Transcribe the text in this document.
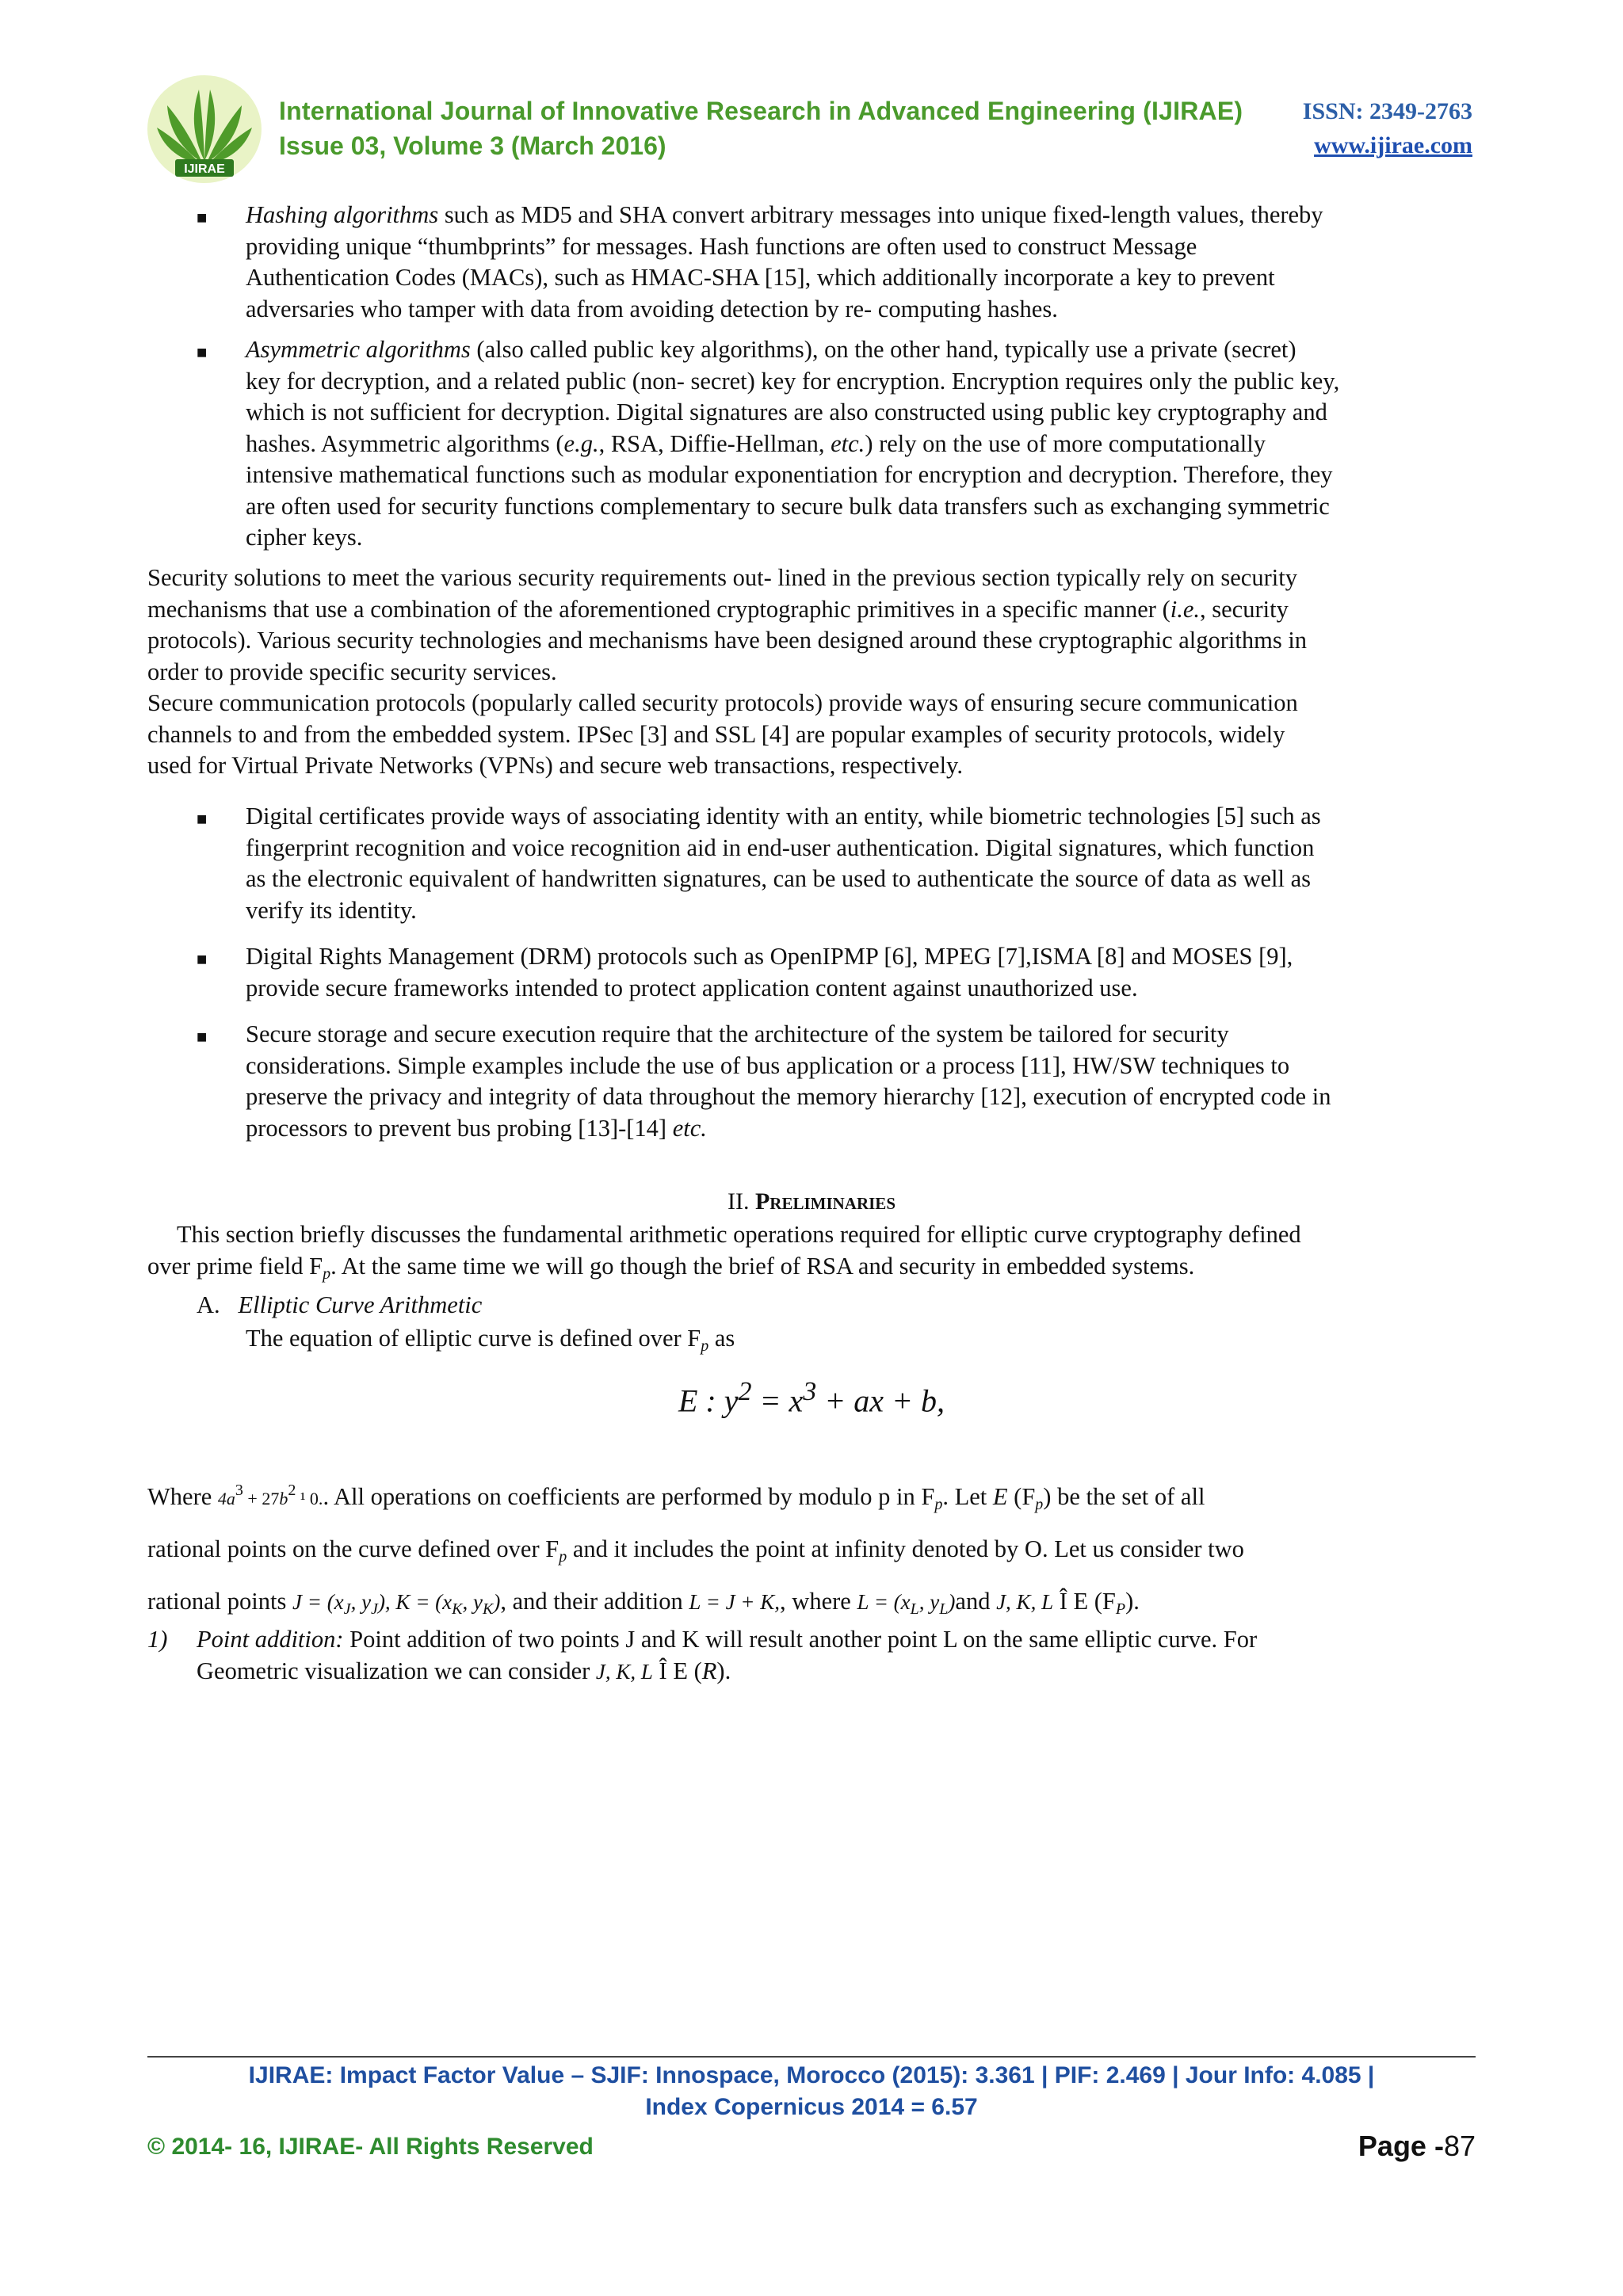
IJIRAE
International Journal of Innovative Research in Advanced Engineering (IJIRAE)
Issue 03, Volume 3 (March 2016)
ISSN: 2349-2763
www.ijirae.com
■ Hashing algorithms such as MD5 and SHA convert arbitrary messages into unique fixed-length values, thereby
providing unique “thumbprints” for messages. Hash functions are often used to construct Message
Authentication Codes (MACs), such as HMAC-SHA [15], which additionally incorporate a key to prevent
adversaries who tamper with data from avoiding detection by re- computing hashes.
■ Asymmetric algorithms (also called public key algorithms), on the other hand, typically use a private (secret)
key for decryption, and a related public (non- secret) key for encryption. Encryption requires only the public key,
which is not sufficient for decryption. Digital signatures are also constructed using public key cryptography and
hashes. Asymmetric algorithms (e.g., RSA, Diffie-Hellman, etc.) rely on the use of more computationally
intensive mathematical functions such as modular exponentiation for encryption and decryption. Therefore, they
are often used for security functions complementary to secure bulk data transfers such as exchanging symmetric
cipher keys.
Security solutions to meet the various security requirements out- lined in the previous section typically rely on security
mechanisms that use a combination of the aforementioned cryptographic primitives in a specific manner (i.e., security
protocols). Various security technologies and mechanisms have been designed around these cryptographic algorithms in
order to provide specific security services.
Secure communication protocols (popularly called security protocols) provide ways of ensuring secure communication
channels to and from the embedded system. IPSec [3] and SSL [4] are popular examples of security protocols, widely
used for Virtual Private Networks (VPNs) and secure web transactions, respectively.
■ Digital certificates provide ways of associating identity with an entity, while biometric technologies [5] such as
fingerprint recognition and voice recognition aid in end-user authentication. Digital signatures, which function
as the electronic equivalent of handwritten signatures, can be used to authenticate the source of data as well as
verify its identity.
■ Digital Rights Management (DRM) protocols such as OpenIPMP [6], MPEG [7],ISMA [8] and MOSES [9],
provide secure frameworks intended to protect application content against unauthorized use.
■ Secure storage and secure execution require that the architecture of the system be tailored for security
considerations. Simple examples include the use of bus application or a process [11], HW/SW techniques to
preserve the privacy and integrity of data throughout the memory hierarchy [12], execution of encrypted code in
processors to prevent bus probing [13]-[14] etc.
II. Preliminaries
This section briefly discusses the fundamental arithmetic operations required for elliptic curve cryptography defined
over prime field $F_p$. At the same time we will go though the brief of RSA and security in embedded systems.
A. Elliptic Curve Arithmetic
The equation of elliptic curve is defined over $F_p$ as
E : $y^2 = x^3$ + ax + b,
Where $4a^3 + 27b^2$ ¹ 0.. All operations on coefficients are performed by modulo p in $F_p$. Let E $(F_p)$ be the set of all
rational points on the curve defined over $F_p$ and it includes the point at infinity denoted by O. Let us consider two
rational points $J = (x_J$, $y_J$), $K = (x_K$, $y_K$), and their addition L = J + K,, where $L = (x_L$, $y_L)and$ J, K, L Î E $(F_P)$.
1) Point addition: Point addition of two points J and K will result another point L on the same elliptic curve. For
Geometric visualization we can consider J, K, L Î E (R).
IJIRAE: Impact Factor Value – SJIF: Innospace, Morocco (2015): 3.361 | PIF: 2.469 | Jour Info: 4.085 |
Index Copernicus 2014 = 6.57
© 2014- 16, IJIRAE- All Rights Reserved	Page -87
